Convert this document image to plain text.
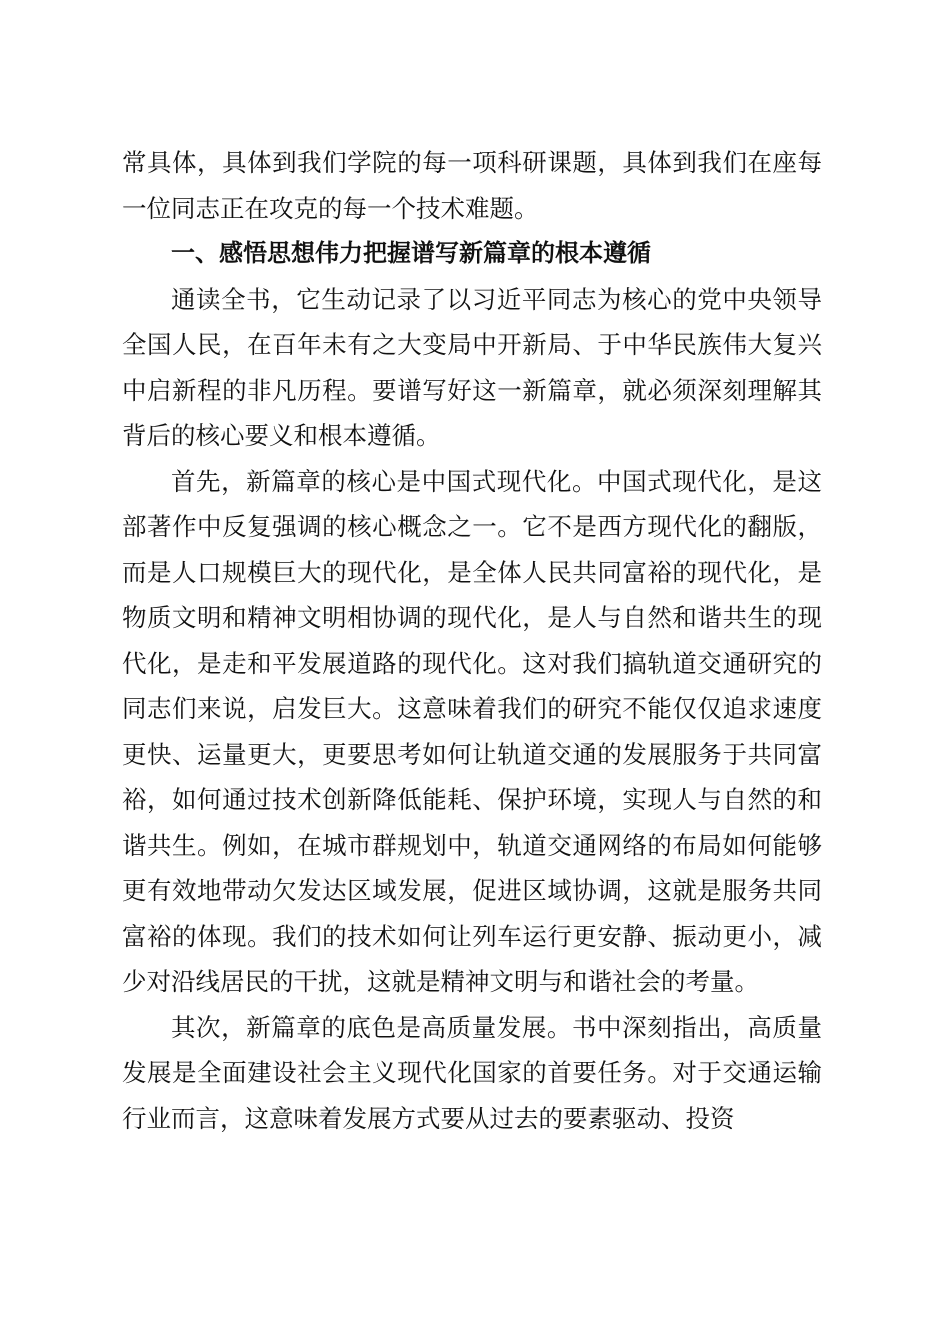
常具体，具体到我们学院的每一项科研课题，具体到我们在座每一位同志正在攻克的每一个技术难题。

一、感悟思想伟力把握谱写新篇章的根本遵循

通读全书，它生动记录了以习近平同志为核心的党中央领导全国人民，在百年未有之大变局中开新局、于中华民族伟大复兴中启新程的非凡历程。要谱写好这一新篇章，就必须深刻理解其背后的核心要义和根本遵循。

首先，新篇章的核心是中国式现代化。中国式现代化，是这部著作中反复强调的核心概念之一。它不是西方现代化的翻版，而是人口规模巨大的现代化，是全体人民共同富裕的现代化，是物质文明和精神文明相协调的现代化，是人与自然和谐共生的现代化，是走和平发展道路的现代化。这对我们搞轨道交通研究的同志们来说，启发巨大。这意味着我们的研究不能仅仅追求速度更快、运量更大，更要思考如何让轨道交通的发展服务于共同富裕，如何通过技术创新降低能耗、保护环境，实现人与自然的和谐共生。例如，在城市群规划中，轨道交通网络的布局如何能够更有效地带动欠发达区域发展，促进区域协调，这就是服务共同富裕的体现。我们的技术如何让列车运行更安静、振动更小，减少对沿线居民的干扰，这就是精神文明与和谐社会的考量。

其次，新篇章的底色是高质量发展。书中深刻指出，高质量发展是全面建设社会主义现代化国家的首要任务。对于交通运输行业而言，这意味着发展方式要从过去的要素驱动、投资
